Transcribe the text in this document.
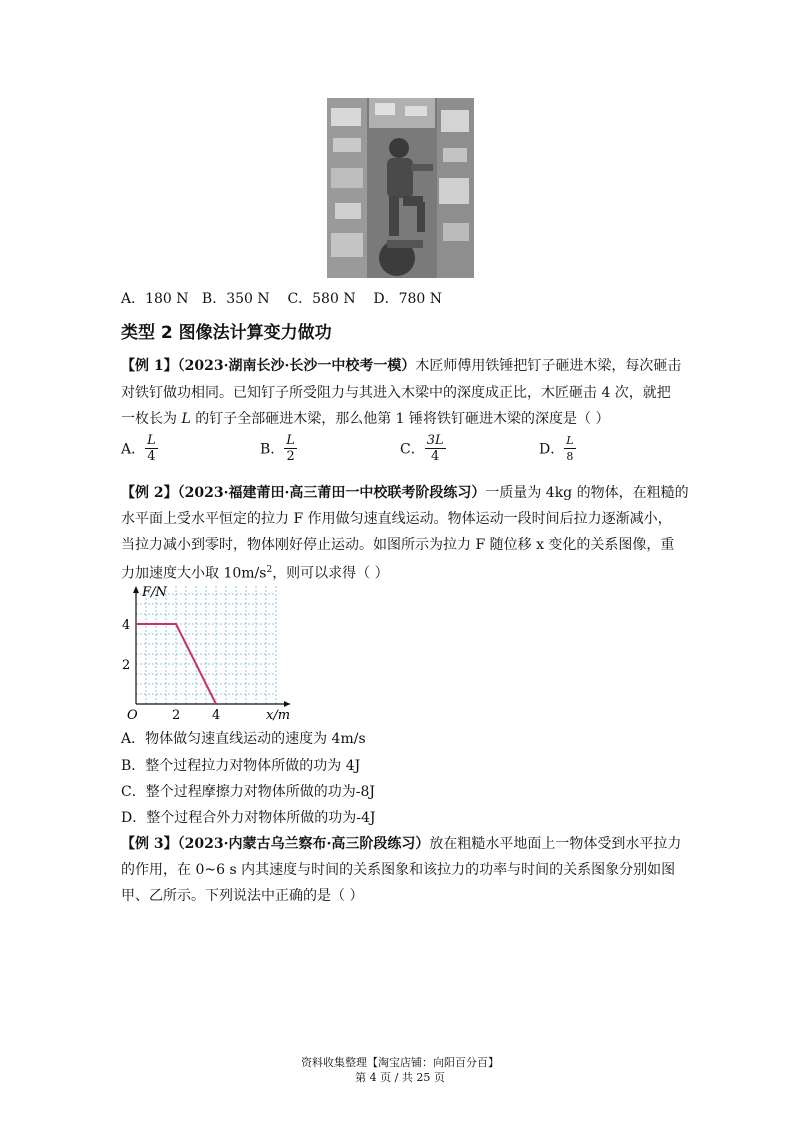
A．180 N B．350 N C．580 N D．780 N
类型 2 图像法计算变力做功
【例 1】（2023·湖南长沙·长沙一中校考一模）木匠师傅用铁锤把钉子砸进木梁，每次砸击
对铁钉做功相同。已知钉子所受阻力与其进入木梁中的深度成正比，木匠砸击 4 次，就把
一枚长为 L 的钉子全部砸进木梁，那么他第 1 锤将铁钉砸进木梁的深度是（ ）
A． $\frac{L}{4}$	B． $\frac{L}{2}$	C． $\frac{3L}{4}$	D． $\frac{L}{8}$
【例 2】（2023·福建莆田·高三莆田一中校联考阶段练习）一质量为 4kg 的物体，在粗糙的
水平面上受水平恒定的拉力 F 作用做匀速直线运动。物体运动一段时间后拉力逐渐减小，
当拉力减小到零时，物体刚好停止运动。如图所示为拉力 F 随位移 x 变化的关系图像，重
力加速度大小取 $10m/s^2$，则可以求得（ ）
2 4
2
4
F/N
x/m
O
A．物体做匀速直线运动的速度为 4m/s
B．整个过程拉力对物体所做的功为 4J
C．整个过程摩擦力对物体所做的功为-8J
D．整个过程合外力对物体所做的功为-4J
【例 3】（2023·内蒙古乌兰察布·高三阶段练习）放在粗糙水平地面上一物体受到水平拉力
的作用，在 0~6 s 内其速度与时间的关系图象和该拉力的功率与时间的关系图象分别如图
甲、乙所示。下列说法中正确的是（ ）
资料收集整理【淘宝店铺：向阳百分百】
第 4 页 / 共 25 页
